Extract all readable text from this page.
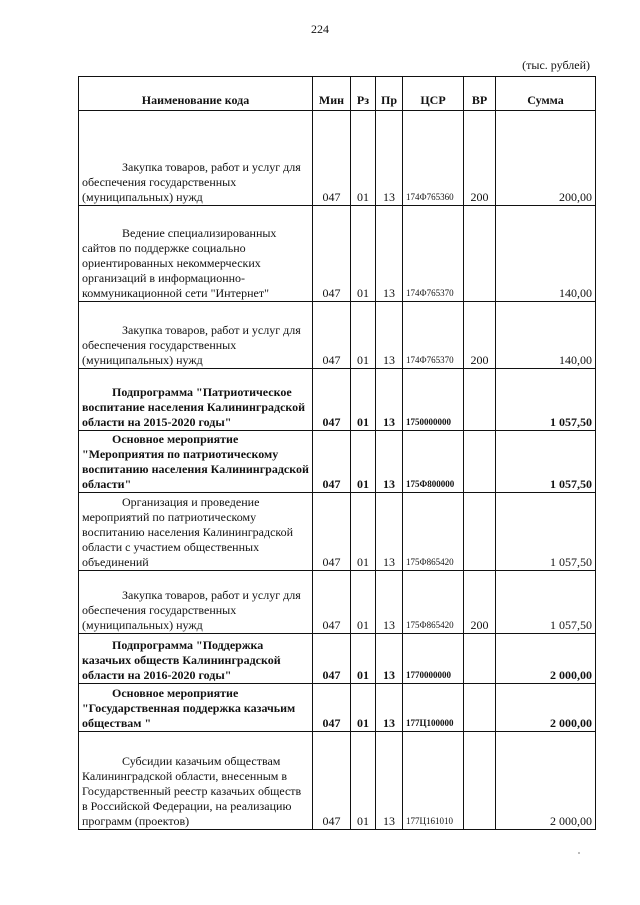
224
(тыс. рублей)
Наименование кода	Мин	Рз	Пр	ЦСР	ВР	Сумма

Закупка товаров, работ и услуг для обеспечения государственных (муниципальных) нужд	047	01	13	174Ф765360	200	200,00

Ведение специализированных сайтов по поддержке социально ориентированных некоммерческих организаций в информационно-коммуникационной сети "Интернет"	047	01	13	174Ф765370		140,00

Закупка товаров, работ и услуг для обеспечения государственных (муниципальных) нужд	047	01	13	174Ф765370	200	140,00

Подпрограмма "Патриотическое воспитание населения Калининградской области на 2015-2020 годы"	047	01	13	1750000000		1 057,50

Основное мероприятие "Мероприятия по патриотическому воспитанию населения Калининградской области"	047	01	13	175Ф800000		1 057,50

Организация и проведение мероприятий по патриотическому воспитанию населения Калининградской области с участием общественных объединений	047	01	13	175Ф865420		1 057,50

Закупка товаров, работ и услуг для обеспечения государственных (муниципальных) нужд	047	01	13	175Ф865420	200	1 057,50

Подпрограмма "Поддержка казачьих обществ Калининградской области на 2016-2020 годы"	047	01	13	1770000000		2 000,00

Основное мероприятие "Государственная поддержка казачьим обществам "	047	01	13	177Ц100000		2 000,00

Субсидии казачьим обществам Калининградской области, внесенным в Государственный реестр казачьих обществ в Российской Федерации, на реализацию программ (проектов)	047	01	13	177Ц161010		2 000,00
